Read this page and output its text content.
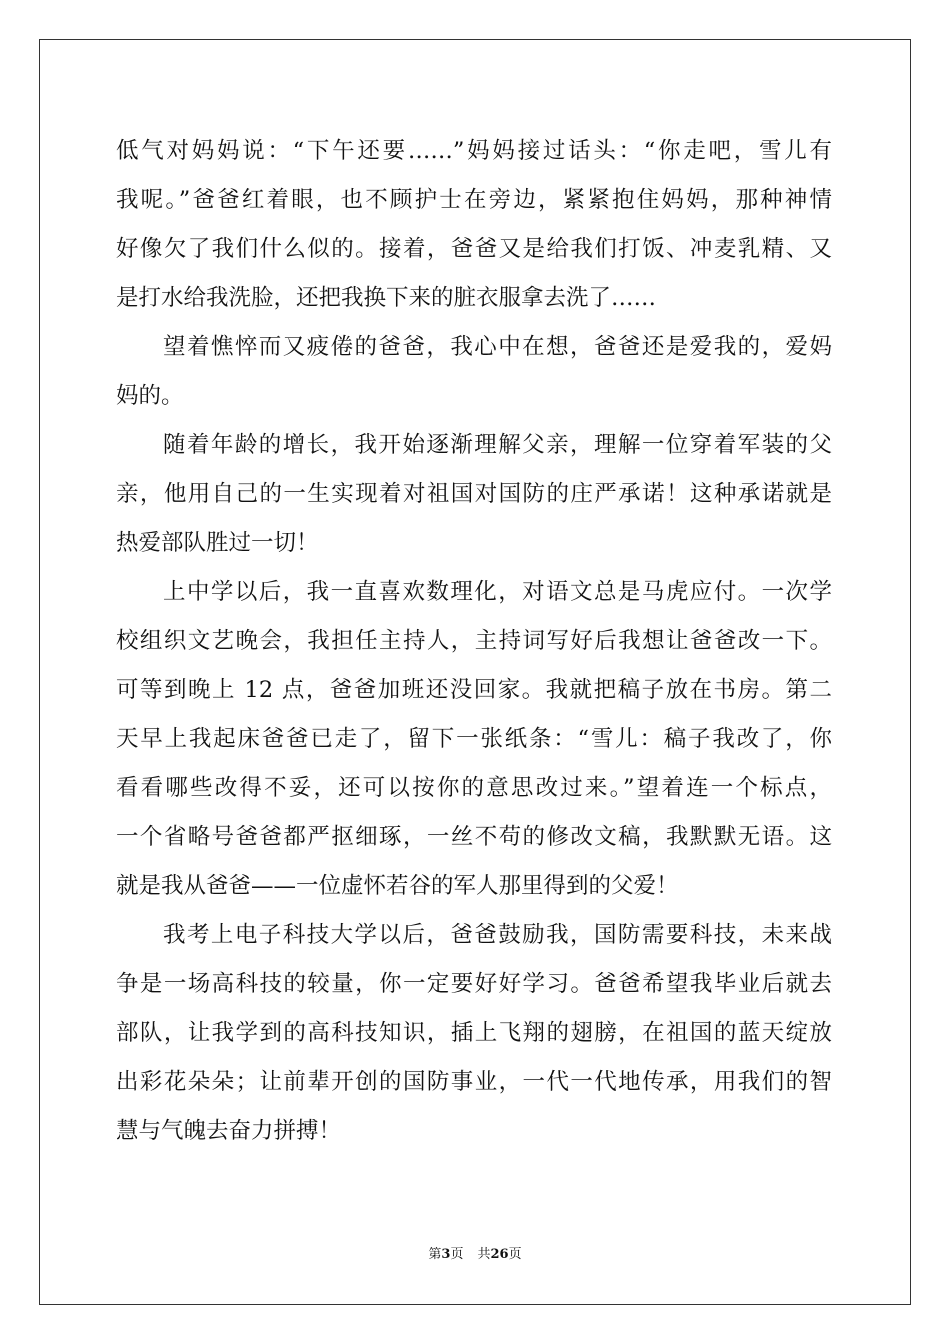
低气对妈妈说：“下午还要……”妈妈接过话头：“你走吧，雪儿有
我呢。”爸爸红着眼，也不顾护士在旁边，紧紧抱住妈妈，那种神情
好像欠了我们什么似的。接着，爸爸又是给我们打饭、冲麦乳精、又
是打水给我洗脸，还把我换下来的脏衣服拿去洗了……
望着憔悴而又疲倦的爸爸，我心中在想，爸爸还是爱我的，爱妈
妈的。
随着年龄的增长，我开始逐渐理解父亲，理解一位穿着军装的父
亲，他用自己的一生实现着对祖国对国防的庄严承诺！这种承诺就是
热爱部队胜过一切！
上中学以后，我一直喜欢数理化，对语文总是马虎应付。一次学
校组织文艺晚会，我担任主持人，主持词写好后我想让爸爸改一下。
可等到晚上 12 点，爸爸加班还没回家。我就把稿子放在书房。第二
天早上我起床爸爸已走了，留下一张纸条：“雪儿：稿子我改了，你
看看哪些改得不妥，还可以按你的意思改过来。”望着连一个标点，
一个省略号爸爸都严抠细琢，一丝不苟的修改文稿，我默默无语。这
就是我从爸爸——一位虚怀若谷的军人那里得到的父爱！
我考上电子科技大学以后，爸爸鼓励我，国防需要科技，未来战
争是一场高科技的较量，你一定要好好学习。爸爸希望我毕业后就去
部队，让我学到的高科技知识，插上飞翔的翅膀，在祖国的蓝天绽放
出彩花朵朵；让前辈开创的国防事业，一代一代地传承，用我们的智
慧与气魄去奋力拼搏！
第3页 共26页
